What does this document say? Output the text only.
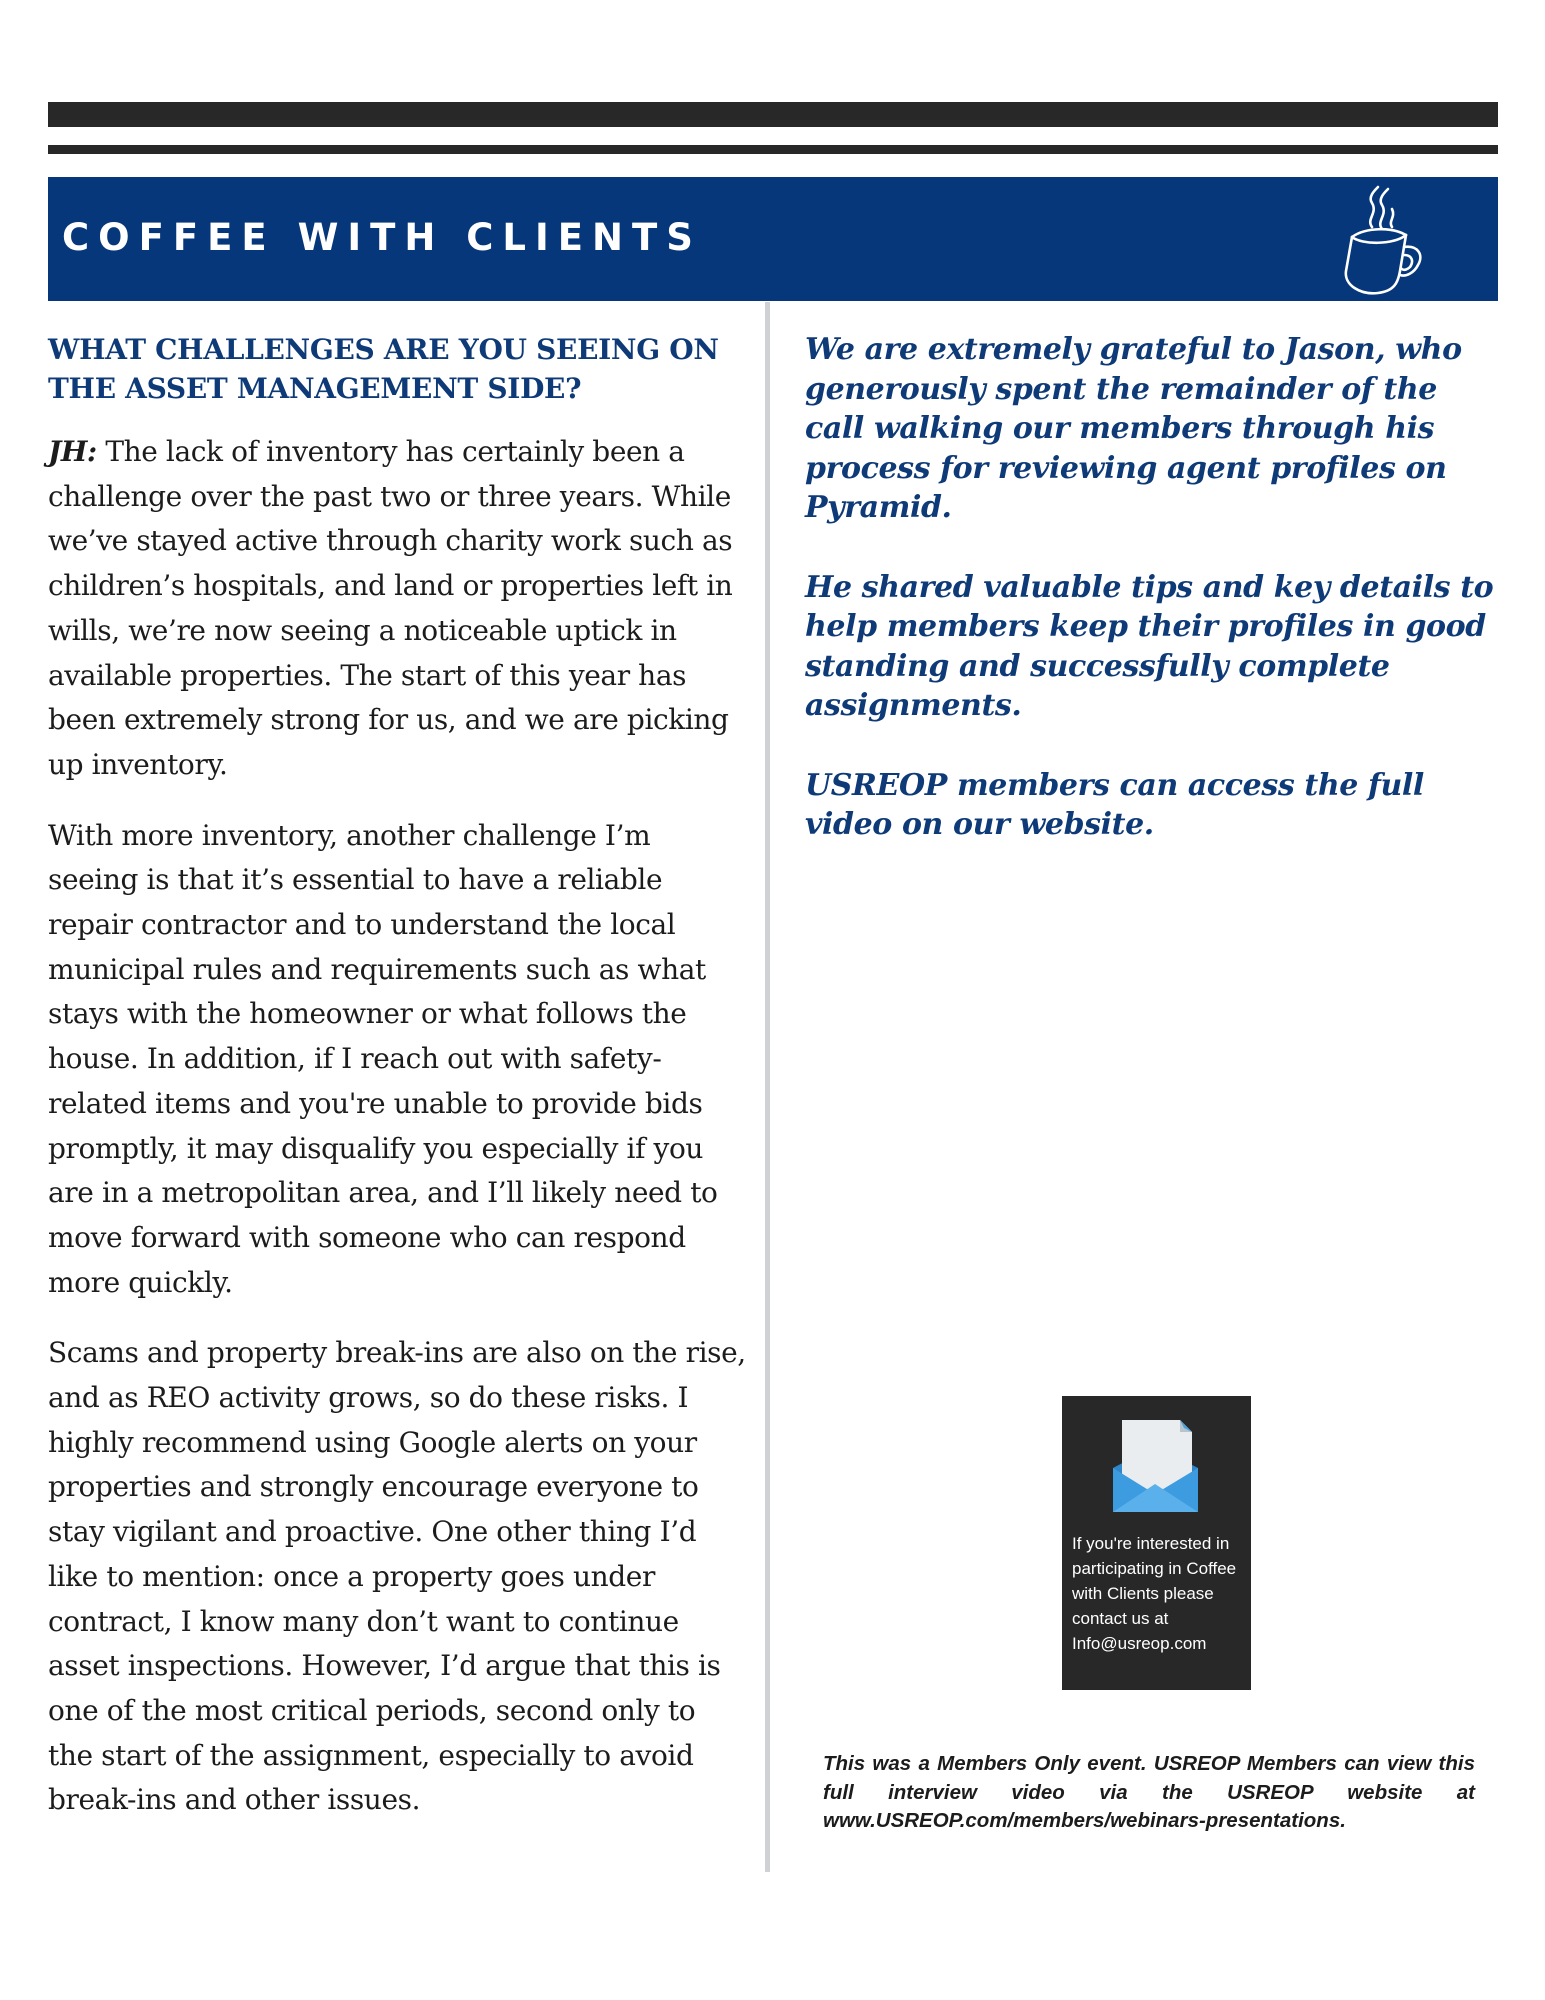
COFFEE WITH CLIENTS

WHAT CHALLENGES ARE YOU SEEING ON THE ASSET MANAGEMENT SIDE?

JH: The lack of inventory has certainly been a challenge over the past two or three years. While we’ve stayed active through charity work such as children’s hospitals, and land or properties left in wills, we’re now seeing a noticeable uptick in available properties. The start of this year has been extremely strong for us, and we are picking up inventory.

With more inventory, another challenge I’m seeing is that it’s essential to have a reliable repair contractor and to understand the local municipal rules and requirements such as what stays with the homeowner or what follows the house. In addition, if I reach out with safety-related items and you're unable to provide bids promptly, it may disqualify you especially if you are in a metropolitan area, and I’ll likely need to move forward with someone who can respond more quickly.

Scams and property break-ins are also on the rise, and as REO activity grows, so do these risks. I highly recommend using Google alerts on your properties and strongly encourage everyone to stay vigilant and proactive. One other thing I’d like to mention: once a property goes under contract, I know many don’t want to continue asset inspections. However, I’d argue that this is one of the most critical periods, second only to the start of the assignment, especially to avoid break-ins and other issues.

We are extremely grateful to Jason, who generously spent the remainder of the call walking our members through his process for reviewing agent profiles on Pyramid.

He shared valuable tips and key details to help members keep their profiles in good standing and successfully complete assignments.

USREOP members can access the full video on our website.

If you're interested in participating in Coffee with Clients please contact us at Info@usreop.com
This was a Members Only event. USREOP Members can view this full interview video via the USREOP website at www.USREOP.com/members/webinars-presentations.
